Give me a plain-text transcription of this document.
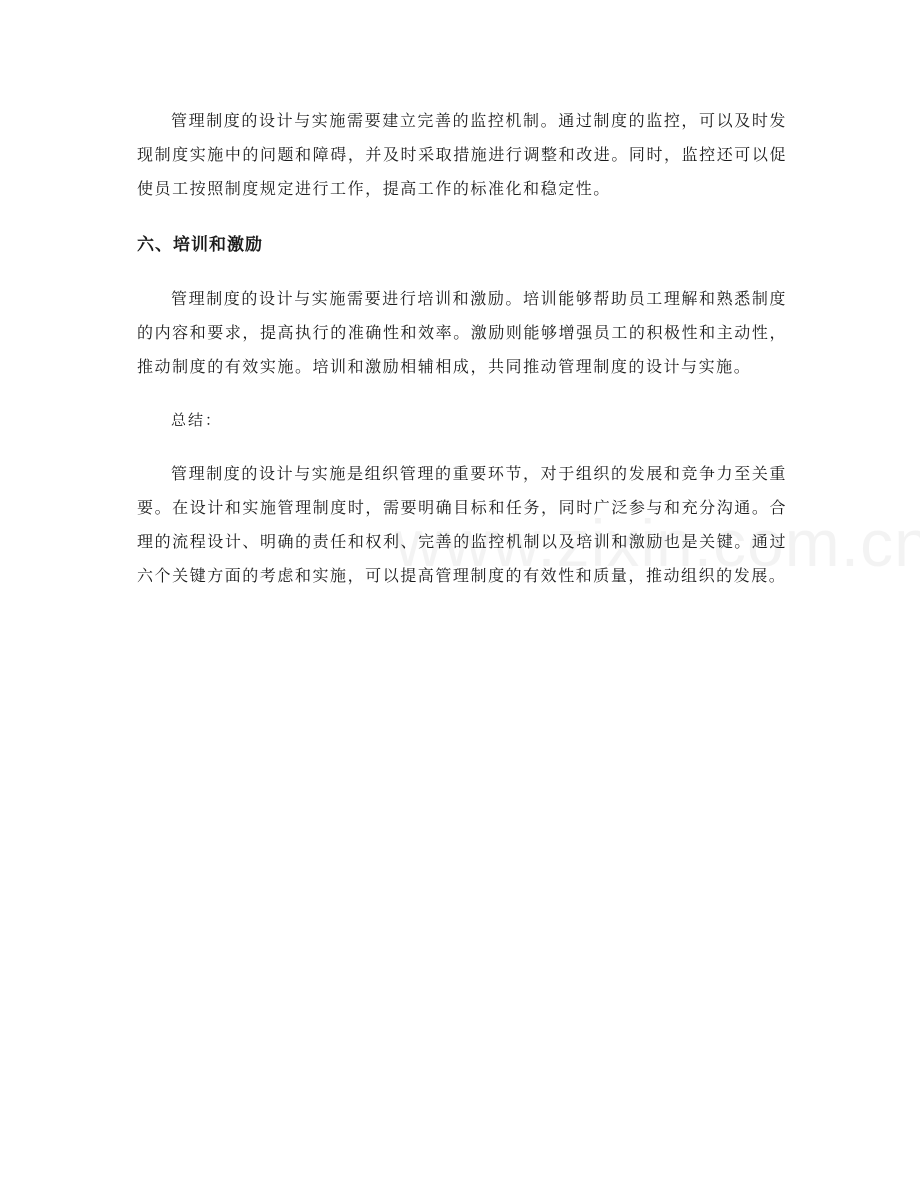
管理制度的设计与实施需要建立完善的监控机制。通过制度的监控，可以及时发现制度实施中的问题和障碍，并及时采取措施进行调整和改进。同时，监控还可以促使员工按照制度规定进行工作，提高工作的标准化和稳定性。

六、培训和激励

管理制度的设计与实施需要进行培训和激励。培训能够帮助员工理解和熟悉制度的内容和要求，提高执行的准确性和效率。激励则能够增强员工的积极性和主动性，推动制度的有效实施。培训和激励相辅相成，共同推动管理制度的设计与实施。

总结：

管理制度的设计与实施是组织管理的重要环节，对于组织的发展和竞争力至关重要。在设计和实施管理制度时，需要明确目标和任务，同时广泛参与和充分沟通。合理的流程设计、明确的责任和权利、完善的监控机制以及培训和激励也是关键。通过六个关键方面的考虑和实施，可以提高管理制度的有效性和质量，推动组织的发展。
